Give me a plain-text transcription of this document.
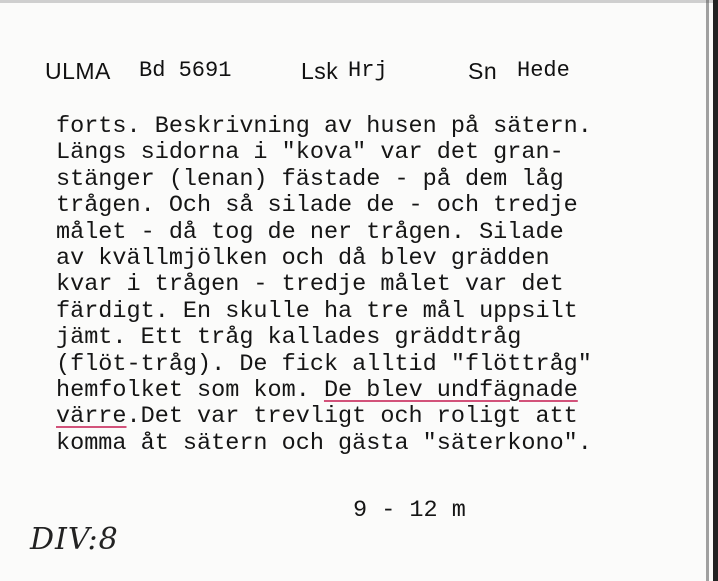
ULMA Bd 5691	Lsk Hrj	Sn Hede
forts. Beskrivning av husen på sätern.
Längs sidorna i "kova" var det gran-
stänger (lenan) fästade - på dem låg
trågen. Och så silade de - och tredje
målet - då tog de ner trågen. Silade
av kvällmjölken och då blev grädden
kvar i trågen - tredje målet var det
färdigt. En skulle ha tre mål uppsilt
jämt. Ett tråg kallades gräddtråg
(flöt-tråg). De fick alltid "flöttråg"
hemfolket som kom. De blev undfägnade
värre.Det var trevligt och roligt att
komma åt sätern och gästa "säterkono".
9 - 12 m
DIV:8
